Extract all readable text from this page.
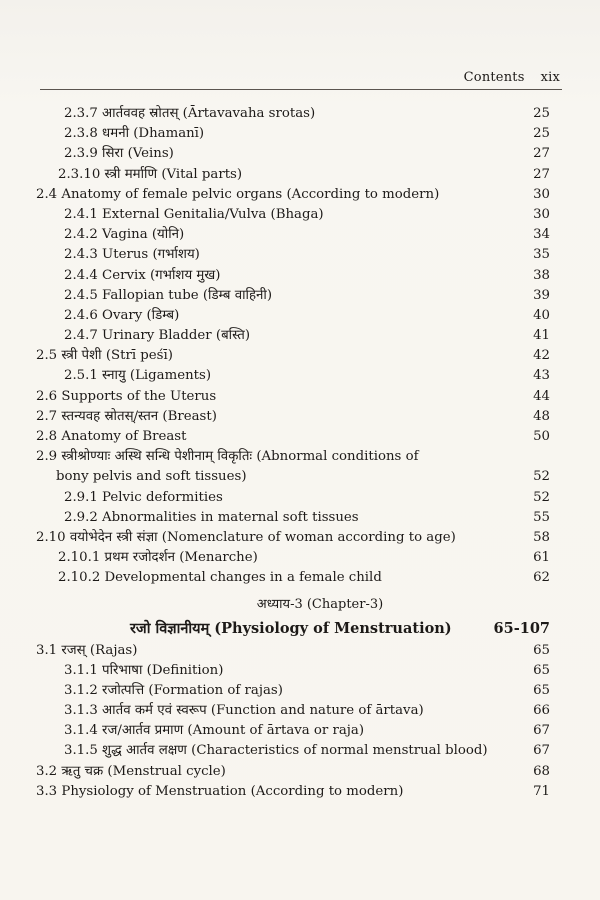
Contents xix
2.3.7 आर्तववह स्रोतस् (Ārtavavaha srotas)	25
2.3.8 धमनी (Dhamanī)	25
2.3.9 सिरा (Veins)	27
2.3.10 स्त्री मर्माणि (Vital parts)	27
2.4 Anatomy of female pelvic organs (According to modern)	30
2.4.1 External Genitalia/Vulva (Bhaga)	30
2.4.2 Vagina (योनि)	34
2.4.3 Uterus (गर्भाशय)	35
2.4.4 Cervix (गर्भाशय मुख)	38
2.4.5 Fallopian tube (डिम्ब वाहिनी)	39
2.4.6 Ovary (डिम्ब)	40
2.4.7 Urinary Bladder (बस्ति)	41
2.5 स्त्री पेशी (Strī peśī)	42
2.5.1 स्नायु (Ligaments)	43
2.6 Supports of the Uterus	44
2.7 स्तन्यवह स्रोतस्/स्तन (Breast)	48
2.8 Anatomy of Breast	50
2.9 स्त्रीश्रोण्याः अस्थि सन्धि पेशीनाम् विकृतिः (Abnormal conditions of
bony pelvis and soft tissues)	52
2.9.1 Pelvic deformities	52
2.9.2 Abnormalities in maternal soft tissues	55
2.10 वयोभेदेन स्त्री संज्ञा (Nomenclature of woman according to age)	58
2.10.1 प्रथम रजोदर्शन (Menarche)	61
2.10.2 Developmental changes in a female child	62
अध्याय-3 (Chapter-3)
रजो विज्ञानीयम् (Physiology of Menstruation)	65-107
3.1 रजस् (Rajas)	65
3.1.1 परिभाषा (Definition)	65
3.1.2 रजोत्पत्ति (Formation of rajas)	65
3.1.3 आर्तव कर्म एवं स्वरूप (Function and nature of ārtava)	66
3.1.4 रज/आर्तव प्रमाण (Amount of ārtava or raja)	67
3.1.5 शुद्ध आर्तव लक्षण (Characteristics of normal menstrual blood)	67
3.2 ऋतु चक्र (Menstrual cycle)	68
3.3 Physiology of Menstruation (According to modern)	71
